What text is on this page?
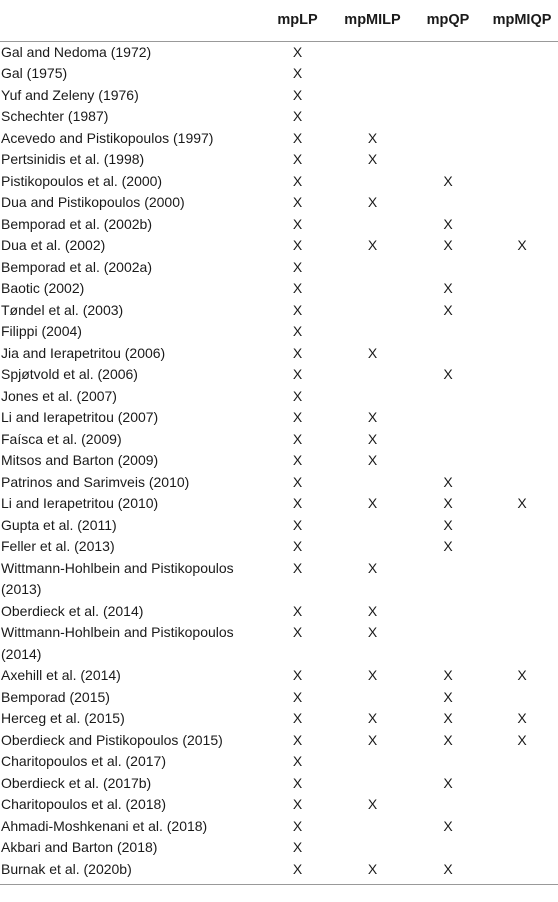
	mpLP	mpMILP	mpQP	mpMIQP
Gal and Nedoma (1972)	X			
Gal (1975)	X			
Yuf and Zeleny (1976)	X			
Schechter (1987)	X			
Acevedo and Pistikopoulos (1997)	X	X		
Pertsinidis et al. (1998)	X	X		
Pistikopoulos et al. (2000)	X		X	
Dua and Pistikopoulos (2000)	X	X		
Bemporad et al. (2002b)	X		X	
Dua et al. (2002)	X	X	X	X
Bemporad et al. (2002a)	X			
Baotic (2002)	X		X	
Tøndel et al. (2003)	X		X	
Filippi (2004)	X			
Jia and Ierapetritou (2006)	X	X		
Spjøtvold et al. (2006)	X		X	
Jones et al. (2007)	X			
Li and Ierapetritou (2007)	X	X		
Faísca et al. (2009)	X	X		
Mitsos and Barton (2009)	X	X		
Patrinos and Sarimveis (2010)	X		X	
Li and Ierapetritou (2010)	X	X	X	X
Gupta et al. (2011)	X		X	
Feller et al. (2013)	X		X	
Wittmann-Hohlbein and Pistikopoulos (2013)	X	X		
Oberdieck et al. (2014)	X	X		
Wittmann-Hohlbein and Pistikopoulos (2014)	X	X		
Axehill et al. (2014)	X	X	X	X
Bemporad (2015)	X		X	
Herceg et al. (2015)	X	X	X	X
Oberdieck and Pistikopoulos (2015)	X	X	X	X
Charitopoulos et al. (2017)	X			
Oberdieck et al. (2017b)	X		X	
Charitopoulos et al. (2018)	X	X		
Ahmadi-Moshkenani et al. (2018)	X		X	
Akbari and Barton (2018)	X			
Burnak et al. (2020b)	X	X	X	
